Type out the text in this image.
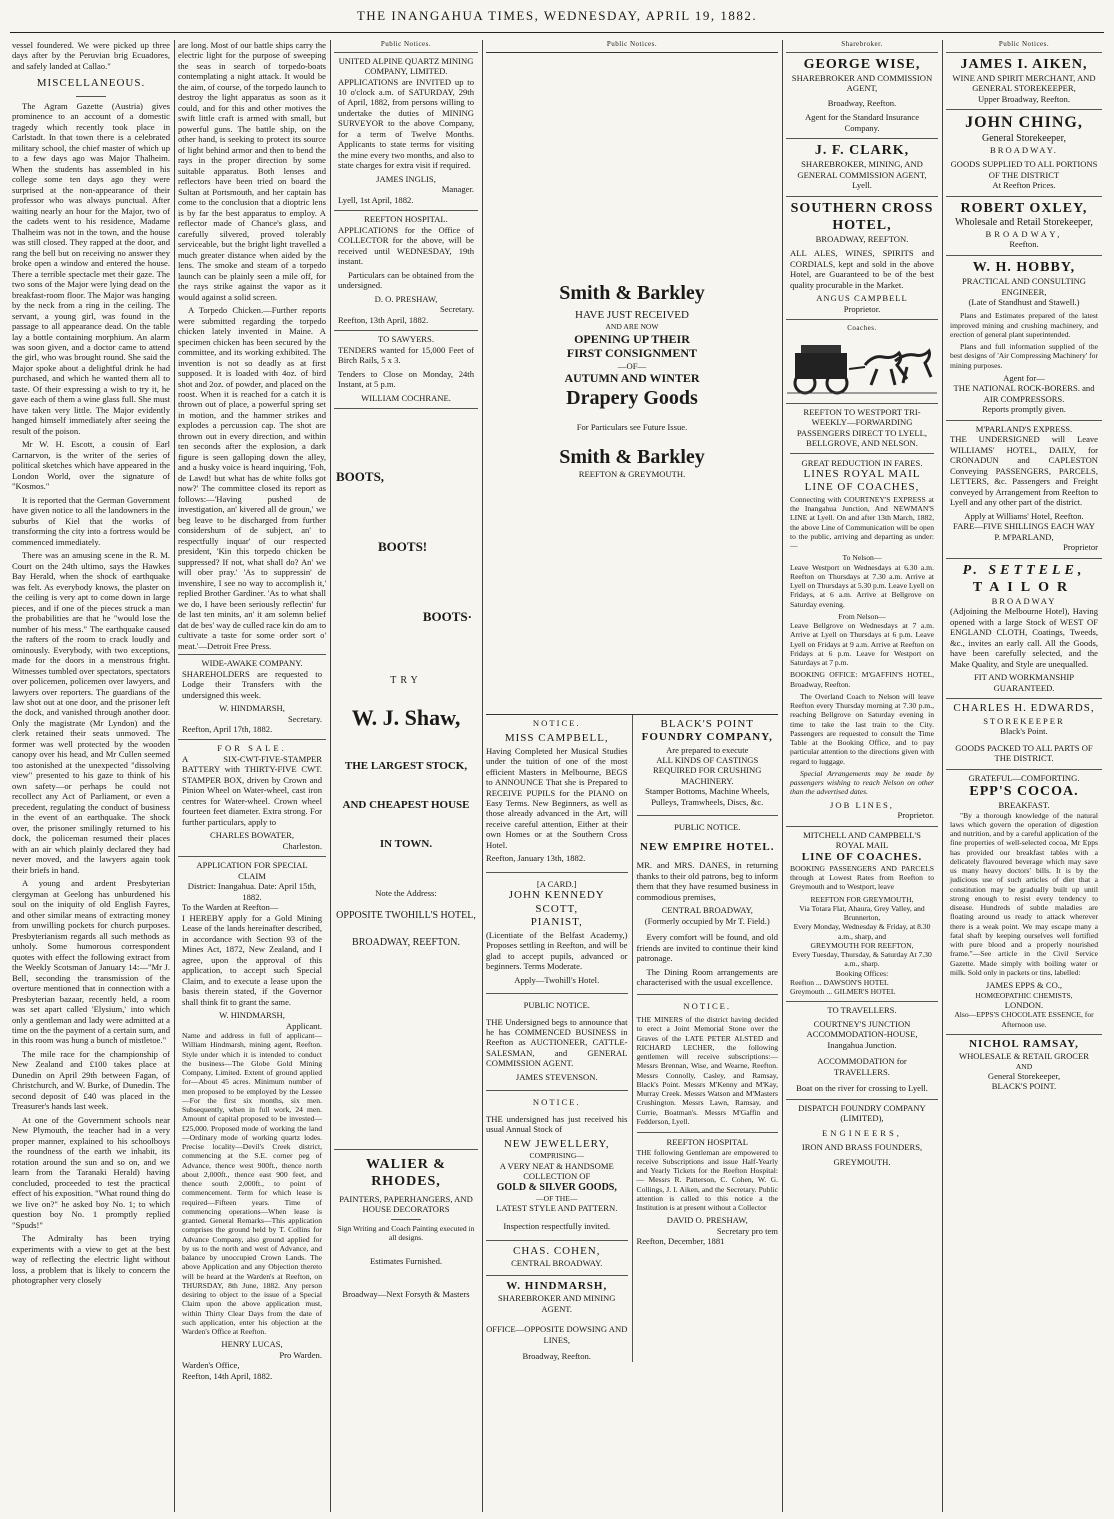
THE INANGAHUA TIMES, WEDNESDAY, APRIL 19, 1882.

vessel foundered. We were picked up three days after by the Peruvian brig Ecuadores, and safely landed at Callao."

MISCELLANEOUS.

The Agram Gazette (Austria) gives prominence to an account of a domestic tragedy which recently took place in Carlstadt. In that town there is a celebrated military school, the chief master of which up to a few days ago was Major Thalheim. When the students has assembled in his college some ten days ago they were surprised at the non-appearance of their professor who was always punctual. After waiting nearly an hour for the Major, two of the cadets went to his residence, Madame Thalheim was not in the town, and the house was still closed. They rapped at the door, and rang the bell but on receiving no answer they broke open a window and entered the house. There a terrible spectacle met their gaze. The two sons of the Major were lying dead on the breakfast-room floor. The Major was hanging by the neck from a ring in the ceiling. The servant, a young girl, was found in the passage to all appearance dead. On the table lay a bottle containing morphium. An alarm was soon given, and a doctor came to attend the girl, who was brought round. She said the Major spoke about a delightful drink he had purchased, and which he wanted them all to taste. Of their expressing a wish to try it, he gave each of them a wine glass full. She must have taken very little. The Major evidently hanged himself immediately after seeing the result of the poison.

Mr W. H. Escott, a cousin of Earl Carnarvon, is the writer of the series of political sketches which have appeared in the London World, over the signature of "Kosmos."

It is reported that the German Government have given notice to all the landowners in the suburbs of Kiel that the works of transforming the city into a fortress would be commenced immediately.

There was an amusing scene in the R. M. Court on the 24th ultimo, says the Hawkes Bay Herald, when the shock of earthquake was felt. As everybody knows, the plaster on the ceiling is very apt to come down in large pieces, and if one of the pieces struck a man the probabilities are that he "would lose the number of his mess." The earthquake caused the rafters of the room to crack loudly and ominously. Everybody, with two exceptions, made for the doors in a menstrous fright. Witnesses tumbled over spectators, spectators over policemen, policemen over lawyers, and lawyers over reporters. The guardians of the law shot out at one door, and the prisoner left the dock, and vanished through another door. Only the magistrate (Mr Lyndon) and the clerk retained their seats unmoved. The former was well protected by the wooden canopy over his head, and Mr Cullen seemed too astonished at the unexpected "dissolving view" presented to his gaze to think of his own safety—or perhaps he could not recollect any Act of Parliament, or even a precedent, regulating the conduct of business in the event of an earthquake. The shock over, the prisoner smilingly returned to his dock, the policeman resumed their places with an air which plainly declared they had never moved, and the lawyers again took their briefs in hand.

A young and ardent Presbyterian clergyman at Geelong has unburdened his soul on the iniquity of old English Fayres, and other similar means of extracting money from unwilling pockets for church purposes. Presbyterianism regards all such methods as unholy. Some humorous correspondent quotes with effect the following extract from the Weekly Scotsman of January 14:—"Mr J. Bell, seconding the transmission of the overture mentioned that in connection with a Presbyterian bazaar, recently held, a room was set apart called 'Elysium,' into which only a gentleman and lady were admitted at a time on the the payment of a certain sum, and in this room was hung a bunch of mistletoe."

The mile race for the championship of New Zealand and £100 takes place at Dunedin on April 29th between Fagan, of Christchurch, and W. Burke, of Dunedin. The second deposit of £40 was placed in the Treasurer's hands last week.

At one of the Government schools near New Plymouth, the teacher had in a very proper manner, explained to his schoolboys the roundness of the earth we inhabit, its rotation around the sun and so on, and we learn from the Taranaki Herald) having concluded, proceeded to test the practical effect of his exposition. "What round thing do we live on?" he asked boy No. 1; to which question boy No. 1 promptly replied "Spuds!"

The Admiralty has been trying experiments with a view to get at the best way of reflecting the electric light without loss, a problem that is likely to concern the photographer very closely

are long. Most of our battle ships carry the electric light for the purpose of sweeping the seas in search of torpedo-boats contemplating a night attack. It would be the aim, of course, of the torpedo launch to destroy the light apparatus as soon as it could, and for this and other motives the swift little craft is armed with small, but powerful guns. The battle ship, on the other hand, is seeking to protect its source of light behind armor and then to bend the rays in the proper direction by some suitable apparatus. Both lenses and reflectors have been tried on board the Sultan at Portsmouth, and her captain has come to the conclusion that a dioptric lens is by far the best apparatus to employ. A reflector made of Chance's glass, and carefully silvered, proved tolerably serviceable, but the bright light travelled a much greater distance when aided by the lens. The smoke and steam of a torpedo launch can be plainly seen a mile off, for the rays strike against the vapor as it would against a solid screen.

A Torpedo Chicken.—Further reports were submitted regarding the torpedo chicken lately invented in Maine. A specimen chicken has been secured by the committee, and its working exhibited. The invention is not so deadly as at first supposed. It is loaded with 4oz. of bird shot and 2oz. of powder, and placed on the roost. When it is reached for a catch it is thrown out of place, a powerful spring set in motion, and the hammer strikes and explodes a percussion cap. The shot are thrown out in every direction, and within ten seconds after the explosion, a dark figure is seen galloping down the alley, and a husky voice is heard inquiring, 'Foh, de Lawd! but what has de white folks got now?' The committee closed its report as follows:—'Having pushed de investigation, an' kivered all de groun,' we beg leave to be discharged from further considershum of de subject, an' to respectfully inquar' of our respected president, 'Kin this torpedo chicken be suppressed? If not, what shall do? An' we will ober pray.' 'As to suppressin' de invenshire, I see no way to accomplish it,' replied Brother Gardiner. 'As to what shall we do, I have been seriously reflectin' fur de last ten minits, an' it am solemn belief dat de bes' way de culled race kin do am to cultivate a taste for some order sort o' meat.'—Detroit Free Press.

WIDE-AWAKE COMPANY.

SHAREHOLDERS are requested to Lodge their Transfers with the undersigned this week.

W. HINDMARSH,
Secretary.
Reefton, April 17th, 1882.
FOR SALE.

A SIX-CWT-FIVE-STAMPER BATTERY with THIRTY-FIVE CWT. STAMPER BOX, driven by Crown and Pinion Wheel on Water-wheel, cast iron centres for Water-wheel. Crown wheel fourteen feet diameter. Extra strong. For further particulars, apply to

CHARLES BOWATER,
Charleston.
APPLICATION FOR SPECIAL CLAIM
District: Inangahua. Date: April 15th, 1882.
To the Warden at Reefton—

I HEREBY apply for a Gold Mining Lease of the lands hereinafter described, in accordance with Section 93 of the Mines Act, 1872, New Zealand, and I agree, upon the approval of this application, to accept such Special Claim, and to execute a lease upon the basis therein stated, if the Governor shall think fit to grant the same.

W. HINDMARSH,
Applicant.

Name and address in full of applicant—William Hindmarsh, mining agent, Reefton. Style under which it is intended to conduct the business—The Globe Gold Mining Company, Limited. Extent of ground applied for—About 45 acres. Minimum number of men proposed to be employed by the Lessee—For the first six months, six men. Subsequently, when in full work, 24 men. Amount of capital proposed to be invested—£25,000. Proposed mode of working the land—Ordinary mode of working quartz lodes. Precise locality—Devil's Creek district, commencing at the S.E. corner peg of Advance, thence west 900ft., thence north about 2,000ft., thence east 900 feet, and thence south 2,000ft., to point of commencement. Term for which lease is required—Fifteen years. Time of commencing operations—When lease is granted. General Remarks—This application comprises the ground held by T. Collins for Advance Company, also ground applied for by us to the north and west of Advance, and balance by unoccupied Crown Lands. The above Application and any Objection thereto will be heard at the Warden's at Reefton, on THURSDAY, 8th June, 1882. Any person desiring to object to the issue of a Special Claim upon the above application must, within Thirty Clear Days from the date of such application, enter his objection at the Warden's Office at Reefton.

HENRY LUCAS,
Pro Warden.
Warden's Office,
Reefton, 14th April, 1882.
Public Notices.
UNITED ALPINE QUARTZ MINING COMPANY, LIMITED.

APPLICATIONS are INVITED up to 10 o'clock a.m. of SATURDAY, 29th of April, 1882, from persons willing to undertake the duties of MINING SURVEYOR to the above Company, for a term of Twelve Months. Applicants to state terms for visiting the mine every two months, and also to state charges for extra visit if required.

JAMES INGLIS,
Manager.
Lyell, 1st April, 1882.
REEFTON HOSPITAL.

APPLICATIONS for the Office of COLLECTOR for the above, will be received until WEDNESDAY, 19th instant.

Particulars can be obtained from the undersigned.

D. O. PRESHAW,
Secretary.
Reefton, 13th April, 1882.
TO SAWYERS.

TENDERS wanted for 15,000 Feet of Birch Rails, 5 x 3.

Tenders to Close on Monday, 24th Instant, at 5 p.m.

WILLIAM COCHRANE.
BOOTS,
BOOTS!
BOOTS·
TRY
W. J. Shaw,
THE LARGEST STOCK,
AND CHEAPEST HOUSE
IN TOWN.
Note the Address:
OPPOSITE TWOHILL'S HOTEL,
BROADWAY, REEFTON.
WALIER & RHODES,
PAINTERS, PAPERHANGERS, AND HOUSE DECORATORS
Sign Writing and Coach Painting executed in all designs.
Estimates Furnished.
Broadway—Next Forsyth & Masters
Public Notices.
Smith & Barkley
HAVE JUST RECEIVED
AND ARE NOW
OPENING UP THEIR
FIRST CONSIGNMENT
—OF—
AUTUMN AND WINTER
Drapery Goods
For Particulars see Future Issue.
Smith & Barkley
REEFTON & GREYMOUTH.
NOTICE.
MISS CAMPBELL,

Having Completed her Musical Studies under the tuition of one of the most efficient Masters in Melbourne, BEGS to ANNOUNCE That she is Prepared to RECEIVE PUPILS for the PIANO on Easy Terms. New Beginners, as well as those already advanced in the Art, will receive careful attention, Either at their own Homes or at the Southern Cross Hotel.

Reefton, January 13th, 1882.
[A CARD.]
JOHN KENNEDY SCOTT,
PIANIST,

(Licentiate of the Belfast Academy,) Proposes settling in Reefton, and will be glad to accept pupils, advanced or beginners. Terms Moderate.

Apply—Twohill's Hotel.
PUBLIC NOTICE.

THE Undersigned begs to announce that he has COMMENCED BUSINESS in Reefton as AUCTIONEER, CATTLE-SALESMAN, and GENERAL COMMISSION AGENT.

JAMES STEVENSON.
NOTICE.

THE undersigned has just received his usual Annual Stock of

NEW JEWELLERY,
COMPRISING—
A VERY NEAT & HANDSOME COLLECTION OF
GOLD & SILVER GOODS,
—OF THE—
LATEST STYLE AND PATTERN.
Inspection respectfully invited.
CHAS. COHEN,
CENTRAL BROADWAY.
W. HINDMARSH,
SHAREBROKER AND MINING AGENT.
OFFICE—OPPOSITE DOWSING AND LINES,
Broadway, Reefton.
BLACK'S POINT
FOUNDRY COMPANY,
Are prepared to execute
ALL KINDS OF CASTINGS REQUIRED FOR CRUSHING MACHINERY.
Stamper Bottoms, Machine Wheels, Pulleys, Tramwheels, Discs, &c.
PUBLIC NOTICE.
NEW EMPIRE HOTEL.

MR. and MRS. DANES, in returning thanks to their old patrons, beg to inform them that they have resumed business in commodious premises,

CENTRAL BROADWAY,
(Formerly occupied by Mr T. Field.)

Every comfort will be found, and old friends are invited to continue their kind patronage.

The Dining Room arrangements are characterised with the usual excellence.

NOTICE.

THE MINERS of the district having decided to erect a Joint Memorial Stone over the Graves of the LATE PETER ALSTED and RICHARD LECHER, the following gentlemen will receive subscriptions:— Messrs Brennan, Wise, and Wearne, Reefton. Messrs Connolly, Casley, and Ramsay, Black's Point. Messrs M'Kenny and M'Kay, Murray Creek. Messrs Watson and M'Masters Crushington. Messrs Lawn, Ramsay, and Currie, Boatman's. Messrs M'Gaffin and Fedderson, Lyell.

REEFTON HOSPITAL

THE following Gentleman are empowered to receive Subscriptions and issue Half-Yearly and Yearly Tickets for the Reefton Hospital:— Messrs R. Patterson, C. Cohen, W. G. Collings, J. I. Aiken, and the Secretary. Public attention is called to this notice a the Institution is at present without a Collector

DAVID O. PRESHAW,
Secretary pro tem
Reefton, December, 1881
Sharebroker.
GEORGE WISE,
SHAREBROKER AND COMMISSION AGENT,
Broadway, Reefton.
Agent for the Standard Insurance Company.
J. F. CLARK,
SHAREBROKER, MINING, AND GENERAL COMMISSION AGENT,
Lyell.
SOUTHERN CROSS HOTEL,
BROADWAY, REEFTON.

ALL ALES, WINES, SPIRITS and CORDIALS, kept and sold in the above Hotel, are Guaranteed to be of the best quality procurable in the Market.

ANGUS CAMPBELL
Proprietor.
Coaches.
REEFTON TO WESTPORT TRI-WEEKLY—FORWARDING PASSENGERS DIRECT TO LYELL, BELLGROVE, AND NELSON.
GREAT REDUCTION IN FARES.
LINES ROYAL MAIL LINE OF COACHES,

Connecting with COURTNEY'S EXPRESS at the Inangahua Junction, And NEWMAN'S LINE at Lyell. On and after 13th March, 1882, the above Line of Communication will be open to the public, arriving and departing as under:—

To Nelson—

Leave Westport on Wednesdays at 6.30 a.m. Reefton on Thursdays at 7.30 a.m. Arrive at Lyell on Thursdays at 5.30 p.m. Leave Lyell on Fridays, at 6 a.m. Arrive at Bellgrove on Saturday evening.

From Nelson—

Leave Bellgrove on Wednesdays at 7 a.m. Arrive at Lyell on Thursdays at 6 p.m. Leave Lyell on Fridays at 9 a.m. Arrive at Reefton on Fridays at 6 p.m. Leave for Westport on Saturdays at 7 p.m.

BOOKING OFFICE: M'GAFFIN'S HOTEL, Broadway, Reefton.

The Overland Coach to Nelson will leave Reefton every Thursday morning at 7.30 p.m., reaching Bellgrove on Saturday evening in time to take the last train to the City. Passengers are requested to consult the Time Table at the Booking Office, and to pay particular attention to the directions given with regard to luggage.

Special Arrangements may be made by passengers wishing to reach Nelson on other than the advertised dates.

JOB LINES,
Proprietor.
MITCHELL AND CAMPBELL'S ROYAL MAIL
LINE OF COACHES.

BOOKING PASSENGERS AND PARCELS through at Lowest Rates from Reefton to Greymouth and to Westport, leave

REEFTON FOR GREYMOUTH,
Via Totara Flat, Ahaura, Grey Valley, and Brunnerton,
Every Monday, Wednesday & Friday, at 8.30 a.m., sharp, and
GREYMOUTH FOR REEFTON,
Every Tuesday, Thursday, & Saturday At 7.30 a.m., sharp.
Booking Offices:
Reefton ... DAWSON'S HOTEL
Greymouth ... GILMER'S HOTEL
TO TRAVELLERS.
COURTNEY'S JUNCTION ACCOMMODATION-HOUSE,
Inangahua Junction.
ACCOMMODATION for TRAVELLERS.
Boat on the river for crossing to Lyell.
DISPATCH FOUNDRY COMPANY (LIMITED),
ENGINEERS,
IRON AND BRASS FOUNDERS,
GREYMOUTH.
Public Notices.
JAMES I. AIKEN,
WINE AND SPIRIT MERCHANT, AND GENERAL STOREKEEPER,
Upper Broadway, Reefton.
JOHN CHING,
General Storekeeper,
BROADWAY.
GOODS SUPPLIED TO ALL PORTIONS OF THE DISTRICT
At Reefton Prices.
ROBERT OXLEY,
Wholesale and Retail Storekeeper,
BROADWAY,
Reefton.
W. H. HOBBY,
PRACTICAL AND CONSULTING ENGINEER,
(Late of Standhust and Stawell.)

Plans and Estimates prepared of the latest improved mining and crushing machinery, and erection of general plant superintended.

Plans and full information supplied of the best designs of 'Air Compressing Machinery' for mining purposes.

Agent for—
THE NATIONAL ROCK-BORERS. and AIR COMPRESSORS.
Reports promptly given.
M'PARLAND'S EXPRESS.

THE UNDERSIGNED will Leave WILLIAMS' HOTEL, DAILY, for CRONADUN and CAPLESTON Conveying PASSENGERS, PARCELS, LETTERS, &c. Passengers and Freight conveyed by Arrangement from Reefton to Lyell and any other part of the district.

Apply at Williams' Hotel, Reefton.
FARE—FIVE SHILLINGS EACH WAY
P. M'PARLAND,
Proprietor
P. SETTELE,
TAILOR
BROADWAY

(Adjoining the Melbourne Hotel), Having opened with a large Stock of WEST OF ENGLAND CLOTH, Coatings, Tweeds, &c., invites an early call. All the Goods, have been carefully selected, and the Make Quality, and Style are unequalled.

FIT AND WORKMANSHIP GUARANTEED.
CHARLES H. EDWARDS,
STOREKEEPER
Black's Point.
GOODS PACKED TO ALL PARTS OF THE DISTRICT.
GRATEFUL—COMFORTING.
EPP'S COCOA.
BREAKFAST.

"By a thorough knowledge of the natural laws which govern the operation of digestion and nutrition, and by a careful application of the fine properties of well-selected cocoa, Mr Epps has provided our breakfast tables with a delicately flavoured beverage which may save us many heavy doctors' bills. It is by the judicious use of such articles of diet that a constitution may be gradually built up until strong enough to resist every tendency to disease. Hundreds of subtle maladies are floating around us ready to attack wherever there is a weak point. We may escape many a fatal shaft by keeping ourselves well fortified with pure blood and a properly nourished frame."—See article in the Civil Service Gazette. Made simply with boiling water or milk. Sold only in packets or tins, labelled:

JAMES EPPS & CO.,
HOMŒOPATHIC CHEMISTS,
LONDON.
Also—EPPS'S CHOCOLATE ESSENCE, for Afternoon use.
NICHOL RAMSAY,
WHOLESALE & RETAIL GROCER
AND
General Storekeeper,
BLACK'S POINT.
